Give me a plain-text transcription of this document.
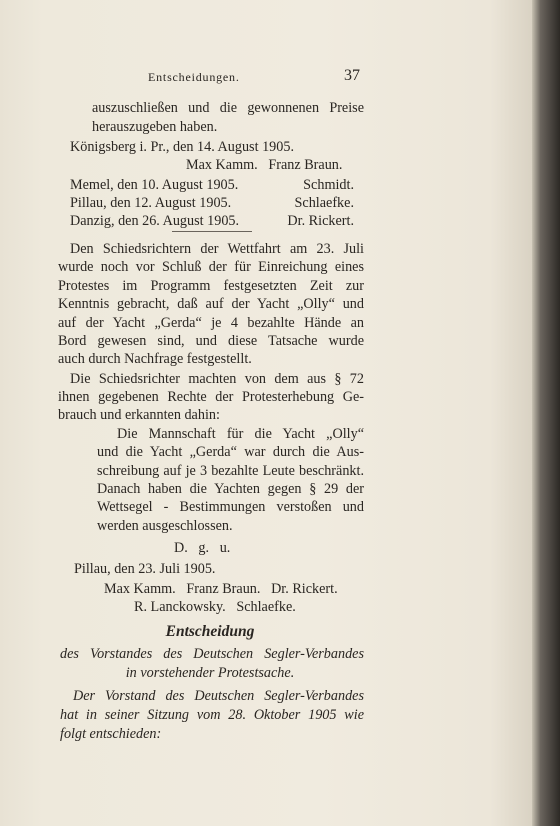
Entscheidungen.	37
auszuschließen und die gewonnenen Preise
herauszugeben haben.
Königsberg i. Pr., den 14. August 1905.
Max Kamm.   Franz Braun.
Memel, den 10. August 1905.	Schmidt.
Pillau, den 12. August 1905.	Schlaefke.
Danzig, den 26. August 1905.	Dr. Rickert.
Den Schiedsrichtern der Wettfahrt am 23. Juli
wurde noch vor Schluß der für Einreichung eines
Protestes im Programm festgesetzten Zeit zur
Kenntnis gebracht, daß auf der Yacht „Olly“ und
auf der Yacht „Gerda“ je 4 bezahlte Hände an
Bord gewesen sind, und diese Tatsache wurde
auch durch Nachfrage festgestellt.
Die Schiedsrichter machten von dem aus § 72
ihnen gegebenen Rechte der Protesterhebung Ge-
brauch und erkannten dahin:
Die Mannschaft für die Yacht „Olly“
und die Yacht „Gerda“ war durch die Aus-
schreibung auf je 3 bezahlte Leute beschränkt.
Danach haben die Yachten gegen § 29 der
Wettsegel - Bestimmungen verstoßen und
werden ausgeschlossen.
D.   g.   u.
Pillau, den 23. Juli 1905.
Max Kamm.   Franz Braun.   Dr. Rickert.
R. Lanckowsky.   Schlaefke.
Entscheidung
des Vorstandes des Deutschen Segler-Verbandes
in vorstehender Protestsache.
Der Vorstand des Deutschen Segler-Verbandes
hat in seiner Sitzung vom 28. Oktober 1905 wie
folgt entschieden:
